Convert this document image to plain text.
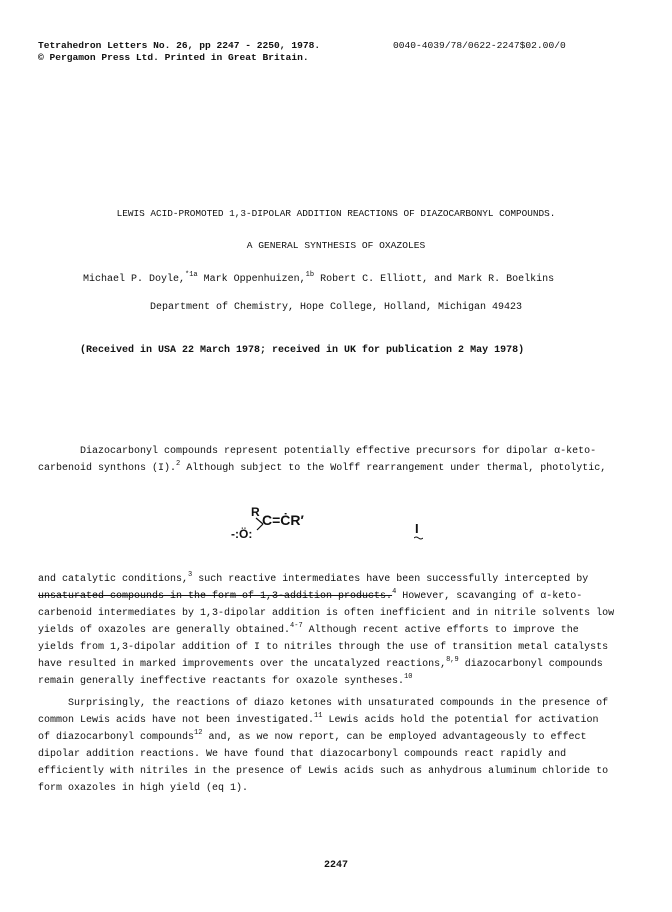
Tetrahedron Letters No. 26, pp 2247 - 2250, 1978.	0040-4039/78/0622-2247$02.00/0
© Pergamon Press Ltd. Printed in Great Britain.
LEWIS ACID-PROMOTED 1,3-DIPOLAR ADDITION REACTIONS OF DIAZOCARBONYL COMPOUNDS.
A GENERAL SYNTHESIS OF OXAZOLES
Michael P. Doyle,$^{*1a}$ Mark Oppenhuizen,$^{1b}$ Robert C. Elliott, and Mark R. Boelkins
Department of Chemistry, Hope College, Holland, Michigan 49423
(Received in USA 22 March 1978; received in UK for publication 2 May 1978)
Diazocarbonyl compounds represent potentially effective precursors for dipolar α-keto-
carbenoid synthons (I).$^2$ Although subject to the Wolff rearrangement under thermal, photolytic,
R C=ĊR′
-:Ö:	I
and catalytic conditions,$^3$ such reactive intermediates have been successfully intercepted by
unsaturated compounds in the form of 1,3-addition products.$^4$ However, scavanging of α-keto-
carbenoid intermediates by 1,3-dipolar addition is often inefficient and in nitrile solvents low
yields of oxazoles are generally obtained.$^{4-7}$ Although recent active efforts to improve the
yields from 1,3-dipolar addition of I to nitriles through the use of transition metal catalysts
have resulted in marked improvements over the uncatalyzed reactions,$^{8,9}$ diazocarbonyl compounds
remain generally ineffective reactants for oxazole syntheses.$^{10}$
Surprisingly, the reactions of diazo ketones with unsaturated compounds in the presence of
common Lewis acids have not been investigated.$^{11}$ Lewis acids hold the potential for activation
of diazocarbonyl compounds$^{12}$ and, as we now report, can be employed advantageously to effect
dipolar addition reactions. We have found that diazocarbonyl compounds react rapidly and
efficiently with nitriles in the presence of Lewis acids such as anhydrous aluminum chloride to
form oxazoles in high yield (eq 1).
2247
